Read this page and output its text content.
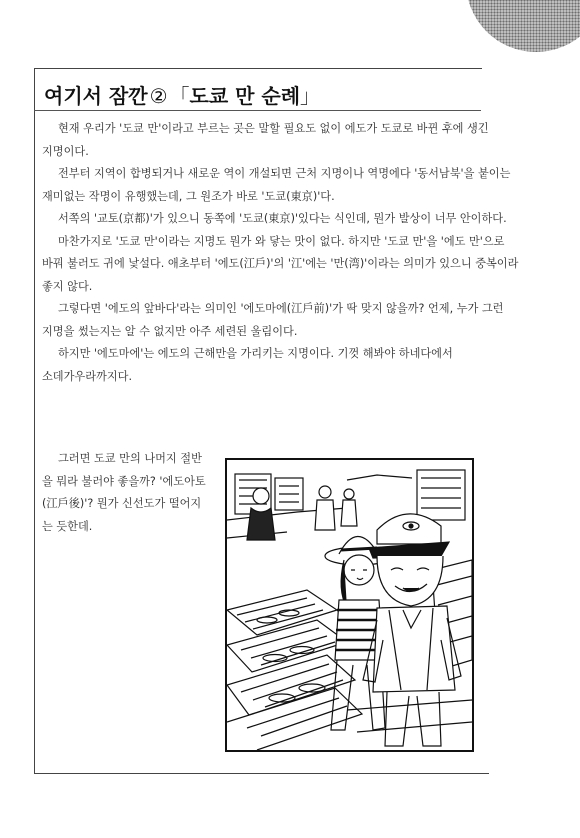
여기서 잠깐 ② 「도쿄 만 순례」

현재 우리가 '도쿄 만'이라고 부르는 곳은 말할 필요도 없이 에도가 도쿄로 바뀐 후에 생긴 지명이다.

전부터 지역이 합병되거나 새로운 역이 개설되면 근처 지명이나 역명에다 '동서남북'을 붙이는 재미없는 작명이 유행했는데, 그 원조가 바로 '도쿄(東京)'다.

서쪽의 '교토(京都)'가 있으니 동쪽에 '도쿄(東京)'있다는 식인데, 뭔가 발상이 너무 안이하다.

마찬가지로 '도쿄 만'이라는 지명도 뭔가 와 닿는 맛이 없다. 하지만 '도쿄 만'을 '에도 만'으로 바꿔 불러도 귀에 낯설다. 애초부터 '에도(江戶)'의 '江'에는 '만(湾)'이라는 의미가 있으니 중복이라 좋지 않다.

그렇다면 '에도의 앞바다'라는 의미인 '에도마에(江戶前)'가 딱 맞지 않을까? 언제, 누가 그런 지명을 썼는지는 알 수 없지만 아주 세련된 울림이다.

하지만 '에도마에'는 에도의 근해만을 가리키는 지명이다. 기껏 해봐야 하네다에서 소데가우라까지다.

그러면 도쿄 만의 나머지 절반을 뭐라 불러야 좋을까? '에도아토(江戶後)'? 뭔가 신선도가 떨어지는 듯한데.
